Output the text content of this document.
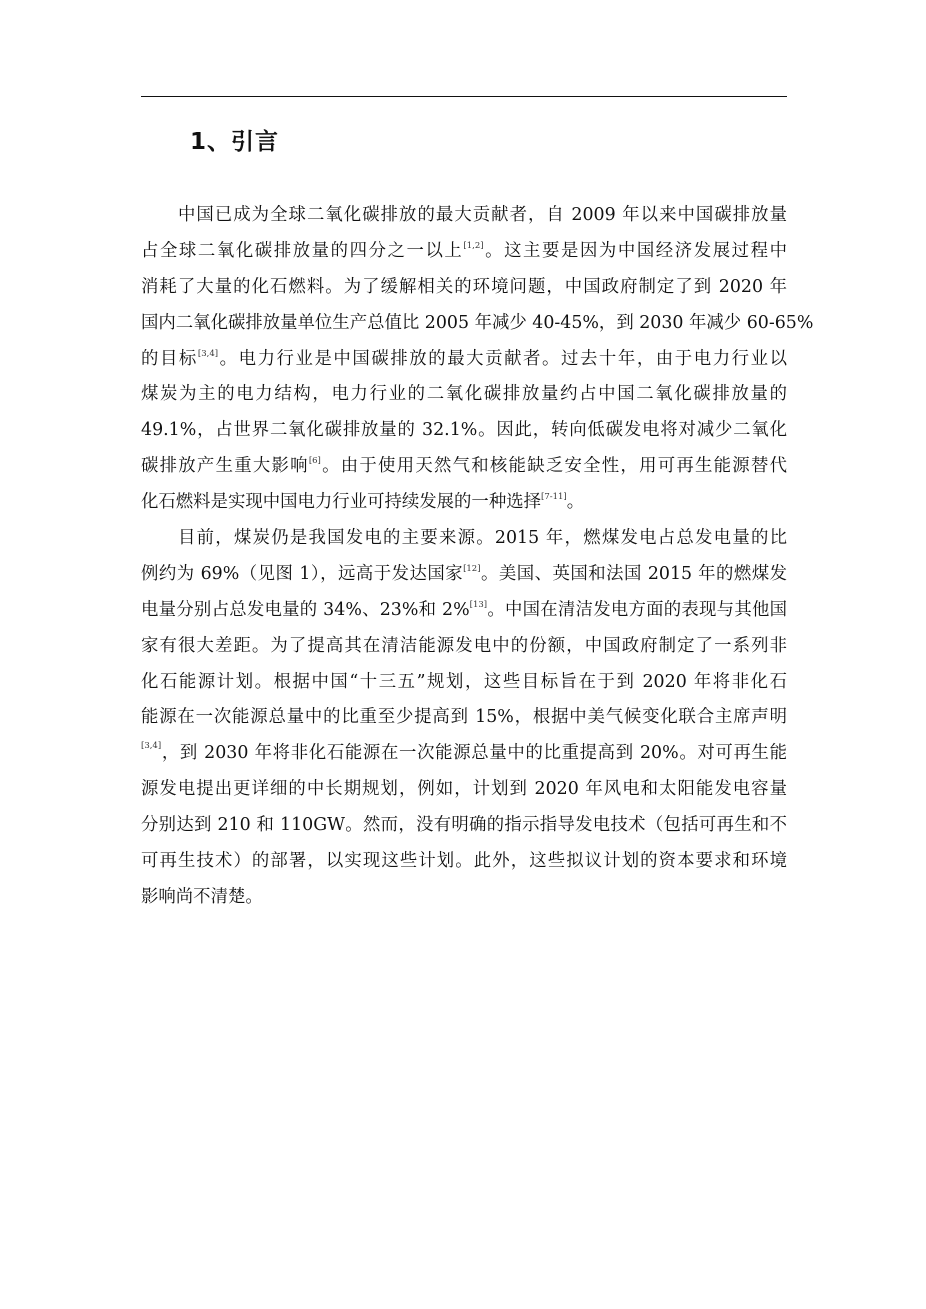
1、引言
中国已成为全球二氧化碳排放的最大贡献者，自 2009 年以来中国碳排放量
占全球二氧化碳排放量的四分之一以上[1,2]。这主要是因为中国经济发展过程中
消耗了大量的化石燃料。为了缓解相关的环境问题，中国政府制定了到 2020 年
国内二氧化碳排放量单位生产总值比 2005 年减少 40-45%，到 2030 年减少 60-65%
的目标[3,4]。电力行业是中国碳排放的最大贡献者。过去十年，由于电力行业以
煤炭为主的电力结构，电力行业的二氧化碳排放量约占中国二氧化碳排放量的
49.1%，占世界二氧化碳排放量的 32.1%。因此，转向低碳发电将对减少二氧化
碳排放产生重大影响[6]。由于使用天然气和核能缺乏安全性，用可再生能源替代
化石燃料是实现中国电力行业可持续发展的一种选择[7-11]。
目前，煤炭仍是我国发电的主要来源。2015 年，燃煤发电占总发电量的比
例约为 69%（见图 1），远高于发达国家[12]。美国、英国和法国 2015 年的燃煤发
电量分别占总发电量的 34%、23%和 2%[13]。中国在清洁发电方面的表现与其他国
家有很大差距。为了提高其在清洁能源发电中的份额，中国政府制定了一系列非
化石能源计划。根据中国“十三五”规划，这些目标旨在于到 2020 年将非化石
能源在一次能源总量中的比重至少提高到 15%，根据中美气候变化联合主席声明
[3,4]，到 2030 年将非化石能源在一次能源总量中的比重提高到 20%。对可再生能
源发电提出更详细的中长期规划，例如，计划到 2020 年风电和太阳能发电容量
分别达到 210 和 110GW。然而，没有明确的指示指导发电技术（包括可再生和不
可再生技术）的部署，以实现这些计划。此外，这些拟议计划的资本要求和环境
影响尚不清楚。
